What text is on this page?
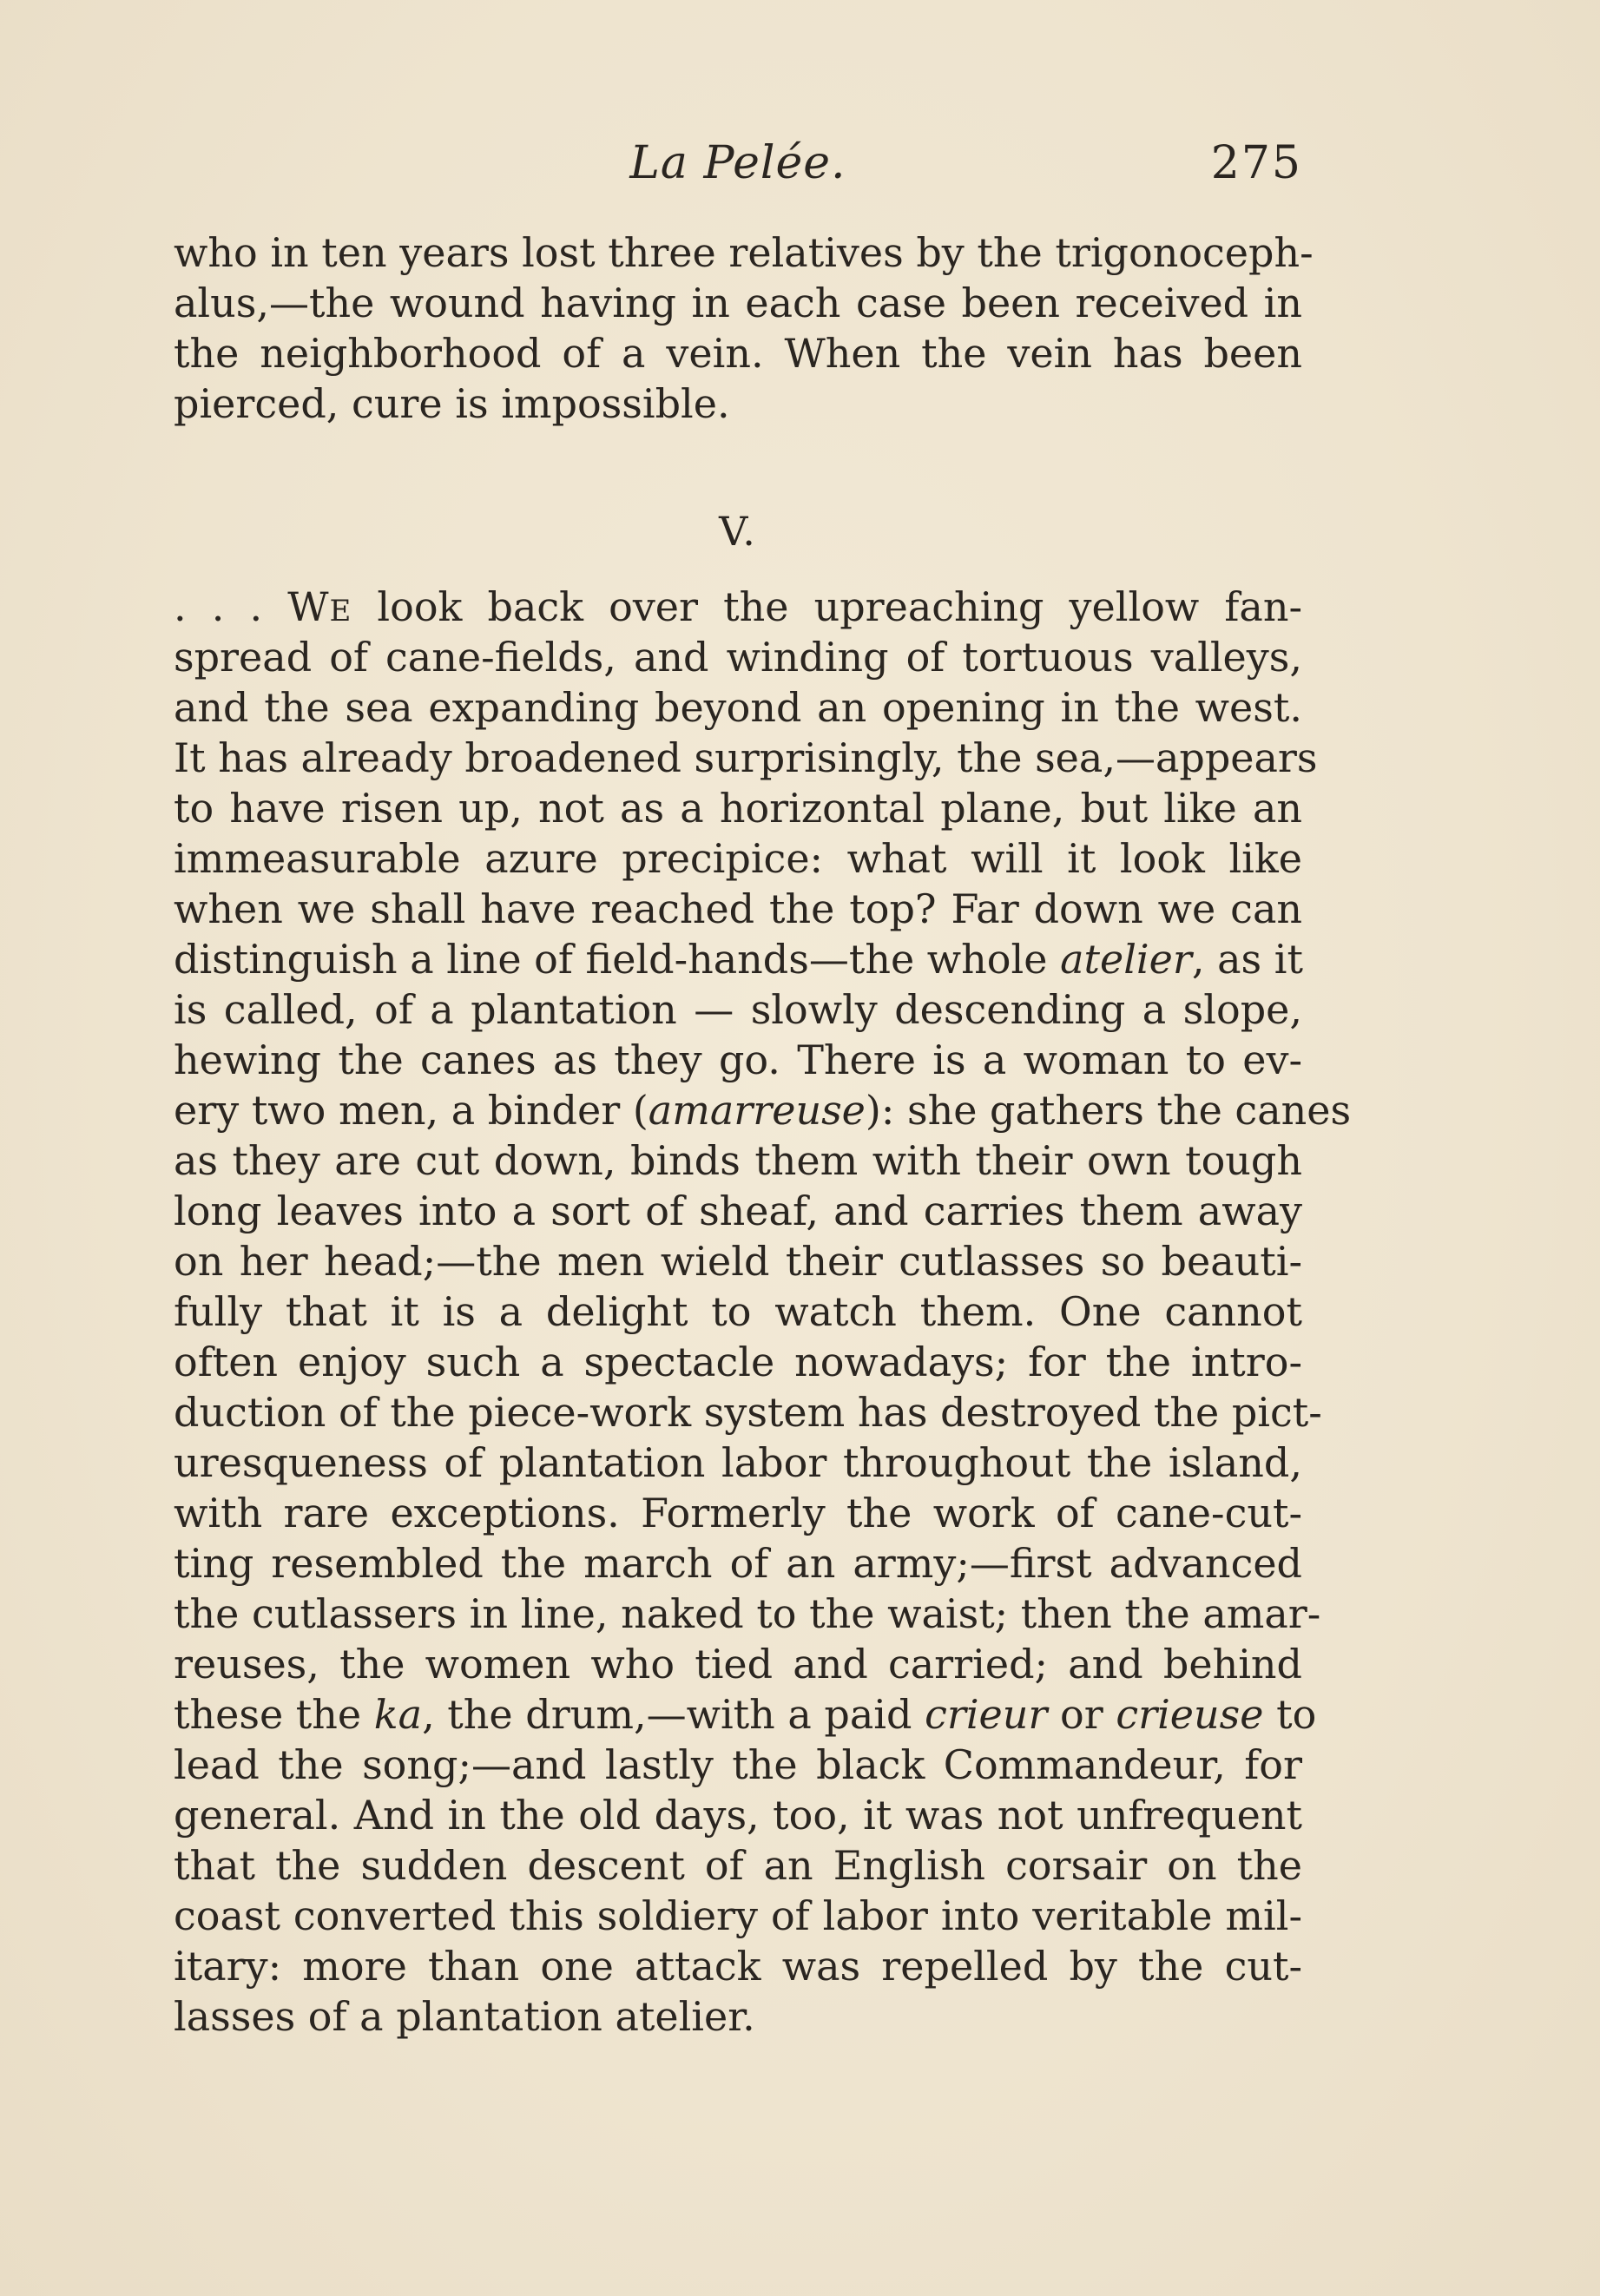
La Pelée.	275
who in ten years lost three relatives by the trigonoceph-
alus,—the wound having in each case been received in
the neighborhood of a vein. When the vein has been
pierced, cure is impossible.
V.
. . . WE look back over the upreaching yellow fan-
spread of cane-fields, and winding of tortuous valleys,
and the sea expanding beyond an opening in the west.
It has already broadened surprisingly, the sea,—appears
to have risen up, not as a horizontal plane, but like an
immeasurable azure precipice: what will it look like
when we shall have reached the top? Far down we can
distinguish a line of field-hands—the whole atelier, as it
is called, of a plantation — slowly descending a slope,
hewing the canes as they go. There is a woman to ev-
ery two men, a binder (amarreuse): she gathers the canes
as they are cut down, binds them with their own tough
long leaves into a sort of sheaf, and carries them away
on her head;—the men wield their cutlasses so beauti-
fully that it is a delight to watch them. One cannot
often enjoy such a spectacle nowadays; for the intro-
duction of the piece-work system has destroyed the pict-
uresqueness of plantation labor throughout the island,
with rare exceptions. Formerly the work of cane-cut-
ting resembled the march of an army;—first advanced
the cutlassers in line, naked to the waist; then the amar-
reuses, the women who tied and carried; and behind
these the ka, the drum,—with a paid crieur or crieuse to
lead the song;—and lastly the black Commandeur, for
general. And in the old days, too, it was not unfrequent
that the sudden descent of an English corsair on the
coast converted this soldiery of labor into veritable mil-
itary: more than one attack was repelled by the cut-
lasses of a plantation atelier.
